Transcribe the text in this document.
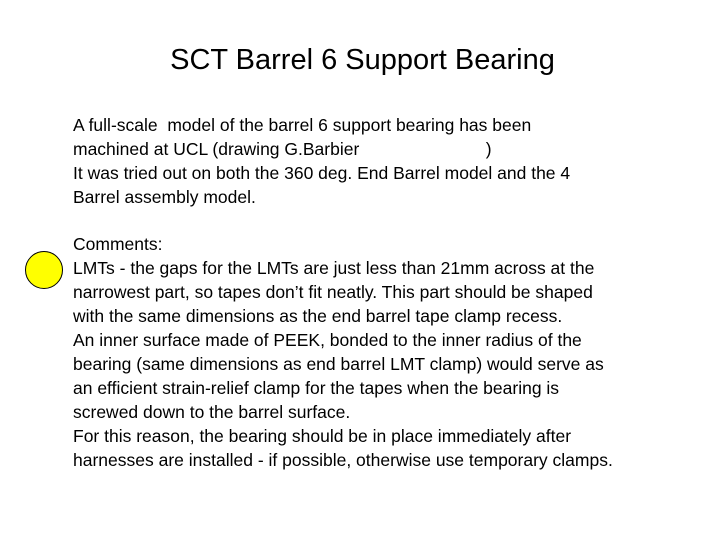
SCT Barrel 6 Support Bearing
A full-scale  model of the barrel 6 support bearing has been
machined at UCL (drawing G.Barbier                          )
It was tried out on both the 360 deg. End Barrel model and the 4
Barrel assembly model.
Comments:
LMTs - the gaps for the LMTs are just less than 21mm across at the
narrowest part, so tapes don’t fit neatly. This part should be shaped
with the same dimensions as the end barrel tape clamp recess.
An inner surface made of PEEK, bonded to the inner radius of the
bearing (same dimensions as end barrel LMT clamp) would serve as
an efficient strain-relief clamp for the tapes when the bearing is
screwed down to the barrel surface.
For this reason, the bearing should be in place immediately after
harnesses are installed - if possible, otherwise use temporary clamps.
